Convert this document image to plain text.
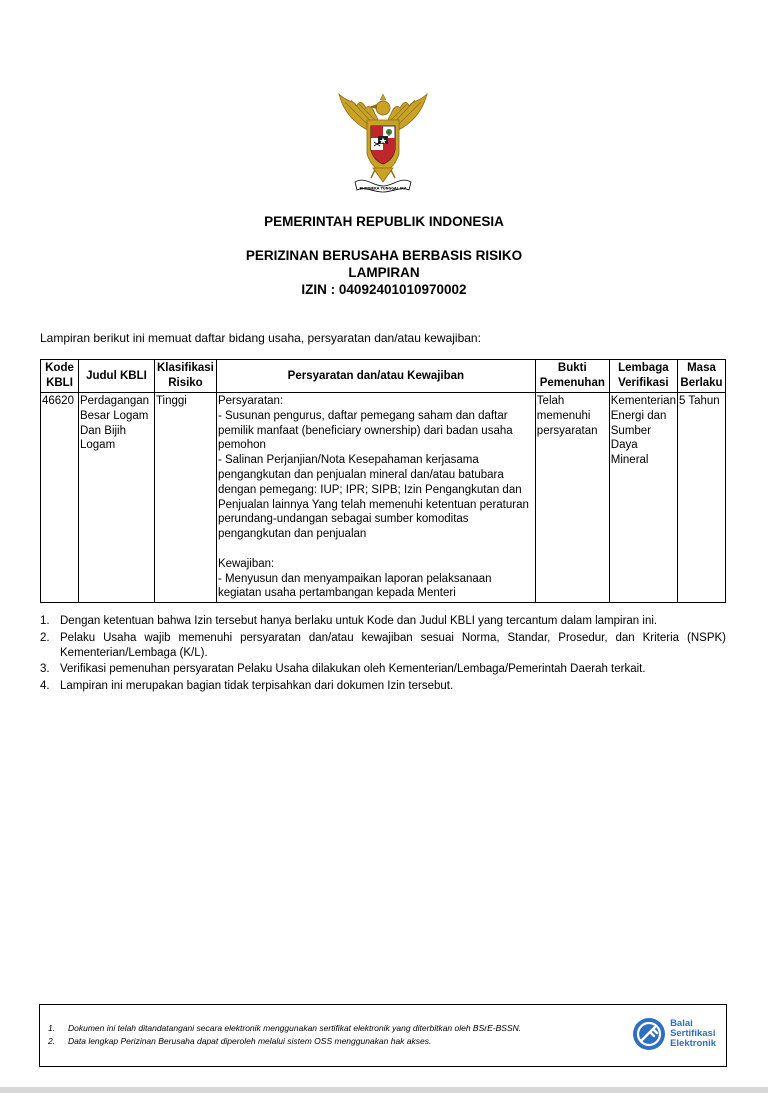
BHINNEKA TUNGGAL IKA
PEMERINTAH REPUBLIK INDONESIA
PERIZINAN BERUSAHA BERBASIS RISIKO
LAMPIRAN
IZIN : 04092401010970002
Lampiran berikut ini memuat daftar bidang usaha, persyaratan dan/atau kewajiban:
Kode KBLI	Judul KBLI	Klasifikasi Risiko	Persyaratan dan/atau Kewajiban	Bukti Pemenuhan	Lembaga Verifikasi	Masa Berlaku
46620	Perdagangan Besar Logam Dan Bijih Logam	Tinggi	Persyaratan:
- Susunan pengurus, daftar pemegang saham dan daftar pemilik manfaat (beneficiary ownership) dari badan usaha pemohon
- Salinan Perjanjian/Nota Kesepahaman kerjasama pengangkutan dan penjualan mineral dan/atau batubara dengan pemegang: IUP; IPR; SIPB; Izin Pengangkutan dan Penjualan lainnya Yang telah memenuhi ketentuan peraturan perundang-undangan sebagai sumber komoditas pengangkutan dan penjualan

Kewajiban:
- Menyusun dan menyampaikan laporan pelaksanaan kegiatan usaha pertambangan kepada Menteri	Telah memenuhi persyaratan	Kementerian Energi dan Sumber Daya Mineral	5 Tahun
1. Dengan ketentuan bahwa Izin tersebut hanya berlaku untuk Kode dan Judul KBLI yang tercantum dalam lampiran ini.
2. Pelaku Usaha wajib memenuhi persyaratan dan/atau kewajiban sesuai Norma, Standar, Prosedur, dan Kriteria (NSPK) Kementerian/Lembaga (K/L).
3. Verifikasi pemenuhan persyaratan Pelaku Usaha dilakukan oleh Kementerian/Lembaga/Pemerintah Daerah terkait.
4. Lampiran ini merupakan bagian tidak terpisahkan dari dokumen Izin tersebut.
1.	Dokumen ini telah ditandatangani secara elektronik menggunakan sertifikat elektronik yang diterbitkan oleh BSrE-BSSN.
2.	Data lengkap Perizinan Berusaha dapat diperoleh melalui sistem OSS menggunakan hak akses.
Balai
Sertifikasi
Elektronik
